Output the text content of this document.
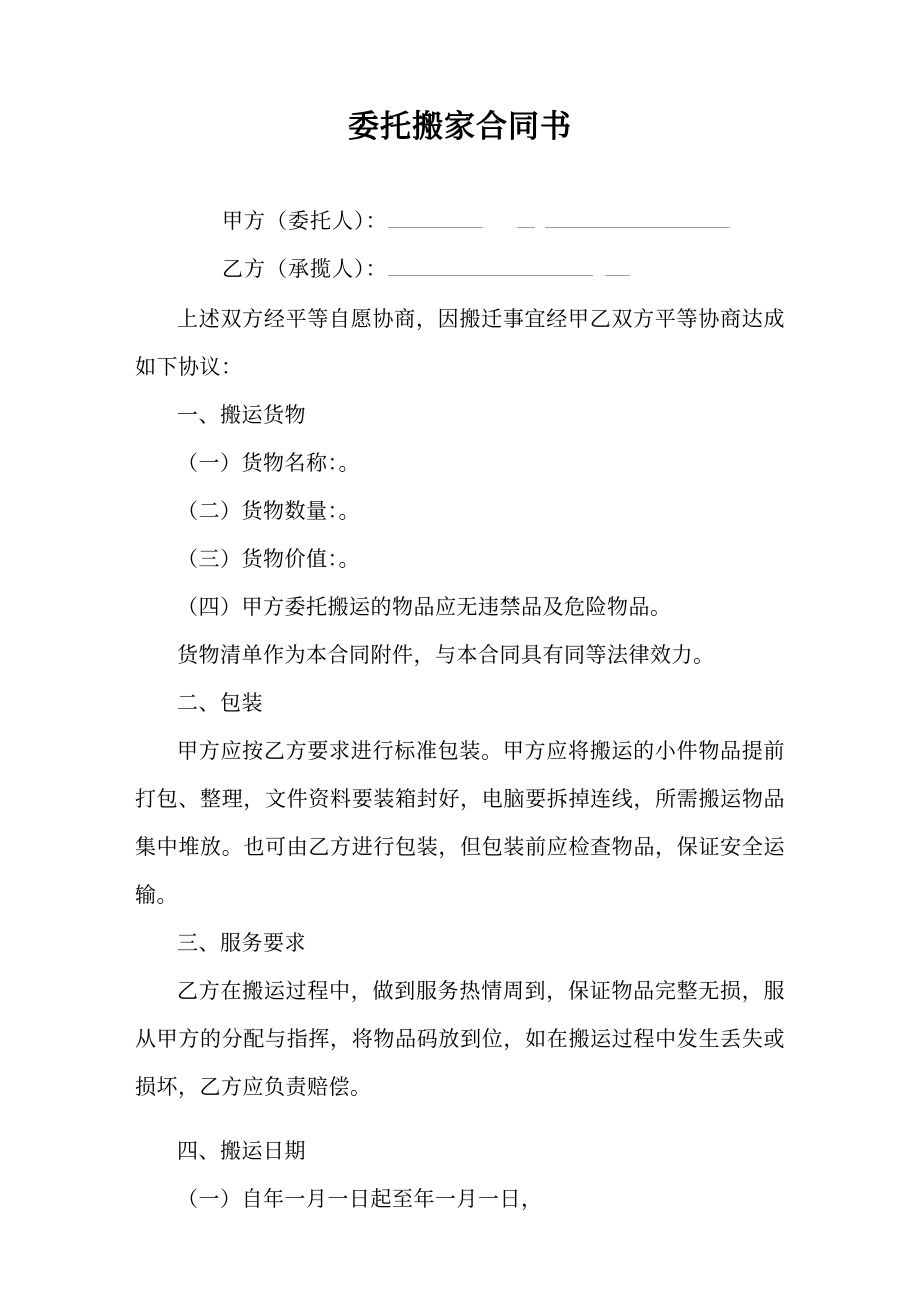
委托搬家合同书
甲方（委托人）：
乙方（承揽人）：

上述双方经平等自愿协商，因搬迁事宜经甲乙双方平等协商达成如下协议：

一、搬运货物

（一）货物名称：。

（二）货物数量：。

（三）货物价值：。

（四）甲方委托搬运的物品应无违禁品及危险物品。

货物清单作为本合同附件，与本合同具有同等法律效力。

二、包装

甲方应按乙方要求进行标准包装。甲方应将搬运的小件物品提前打包、整理，文件资料要装箱封好，电脑要拆掉连线，所需搬运物品集中堆放。也可由乙方进行包装，但包装前应检查物品，保证安全运输。

三、服务要求

乙方在搬运过程中，做到服务热情周到，保证物品完整无损，服从甲方的分配与指挥，将物品码放到位，如在搬运过程中发生丢失或损坏，乙方应负责赔偿。

四、搬运日期

（一）自年一月一日起至年一月一日，
